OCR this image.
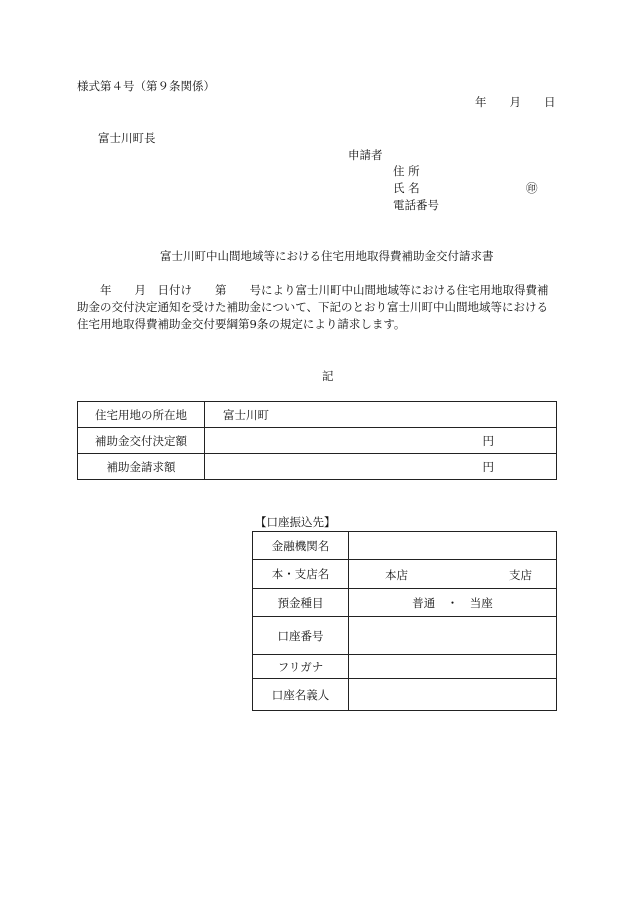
様式第４号（第９条関係）
年　　月　　日
富士川町長
申請者
住 所
氏 名	㊞
電話番号
富士川町中山間地域等における住宅用地取得費補助金交付請求書
　　年　　月　日付け　　第　　号により富士川町中山間地域等における住宅用地取得費補助金の交付決定通知を受けた補助金について、下記のとおり富士川町中山間地域等における住宅用地取得費補助金交付要綱第9条の規定により請求します。
記
住宅用地の所在地	富士川町
補助金交付決定額	円
補助金請求額	円
【口座振込先】
金融機関名	
本・支店名	本店 支店

預金種目	普通　・　当座
口座番号	
フリガナ	
口座名義人	
